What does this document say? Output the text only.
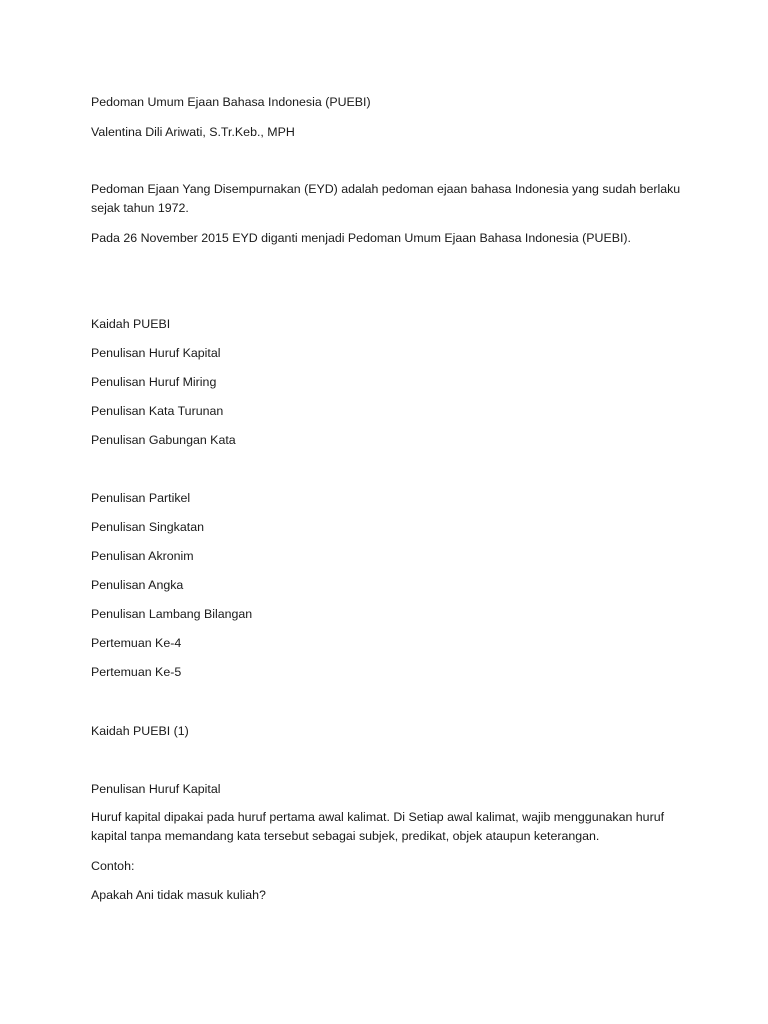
Pedoman Umum Ejaan Bahasa Indonesia (PUEBI)

Valentina Dili Ariwati, S.Tr.Keb., MPH

Pedoman Ejaan Yang Disempurnakan (EYD) adalah pedoman ejaan bahasa Indonesia yang sudah berlaku sejak tahun 1972.

Pada 26 November 2015 EYD diganti menjadi Pedoman Umum Ejaan Bahasa Indonesia (PUEBI).

Kaidah PUEBI

Penulisan Huruf Kapital

Penulisan Huruf Miring

Penulisan Kata Turunan

Penulisan Gabungan Kata

Penulisan Partikel

Penulisan Singkatan

Penulisan Akronim

Penulisan Angka

Penulisan Lambang Bilangan

Pertemuan Ke-4

Pertemuan Ke-5

Kaidah PUEBI (1)

Penulisan Huruf Kapital

Huruf kapital dipakai pada huruf pertama awal kalimat. Di Setiap awal kalimat, wajib menggunakan huruf kapital tanpa memandang kata tersebut sebagai subjek, predikat, objek ataupun keterangan.

Contoh:

Apakah Ani tidak masuk kuliah?
